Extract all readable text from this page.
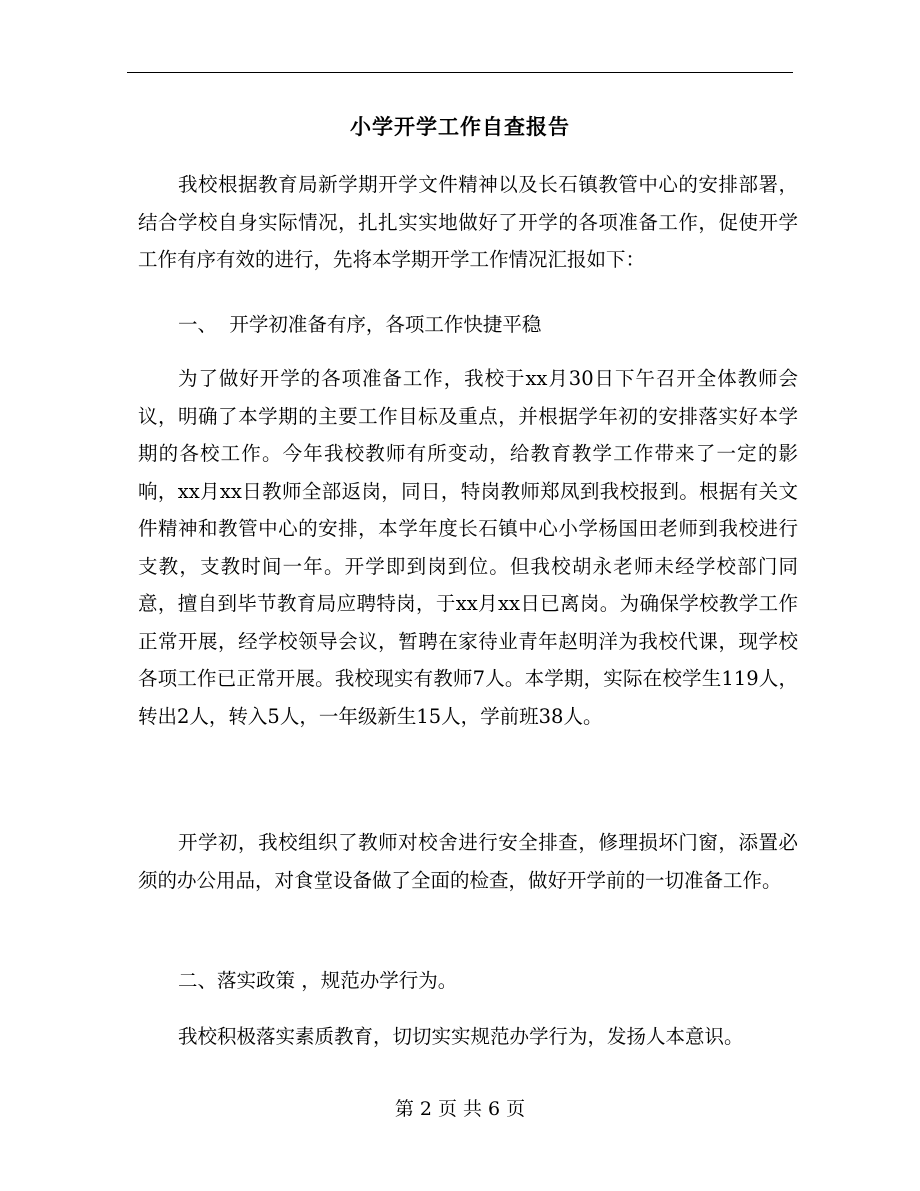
小学开学工作自查报告

我校根据教育局新学期开学文件精神以及长石镇教管中心的安排部署，结合学校自身实际情况，扎扎实实地做好了开学的各项准备工作，促使开学工作有序有效的进行，先将本学期开学工作情况汇报如下：

一、  开学初准备有序，各项工作快捷平稳

为了做好开学的各项准备工作，我校于xx月30日下午召开全体教师会议，明确了本学期的主要工作目标及重点，并根据学年初的安排落实好本学期的各校工作。今年我校教师有所变动，给教育教学工作带来了一定的影响，xx月xx日教师全部返岗，同日，特岗教师郑凤到我校报到。根据有关文件精神和教管中心的安排，本学年度长石镇中心小学杨国田老师到我校进行支教，支教时间一年。开学即到岗到位。但我校胡永老师未经学校部门同意，擅自到毕节教育局应聘特岗，于xx月xx日已离岗。为确保学校教学工作正常开展，经学校领导会议，暂聘在家待业青年赵明洋为我校代课，现学校各项工作已正常开展。我校现实有教师7人。本学期，实际在校学生119人，转出2人，转入5人，一年级新生15人，学前班38人。

开学初，我校组织了教师对校舍进行安全排查，修理损坏门窗，添置必须的办公用品，对食堂设备做了全面的检查，做好开学前的一切准备工作。

二、落实政策 ，规范办学行为。

我校积极落实素质教育，切切实实规范办学行为，发扬人本意识。

第 2 页 共 6 页
